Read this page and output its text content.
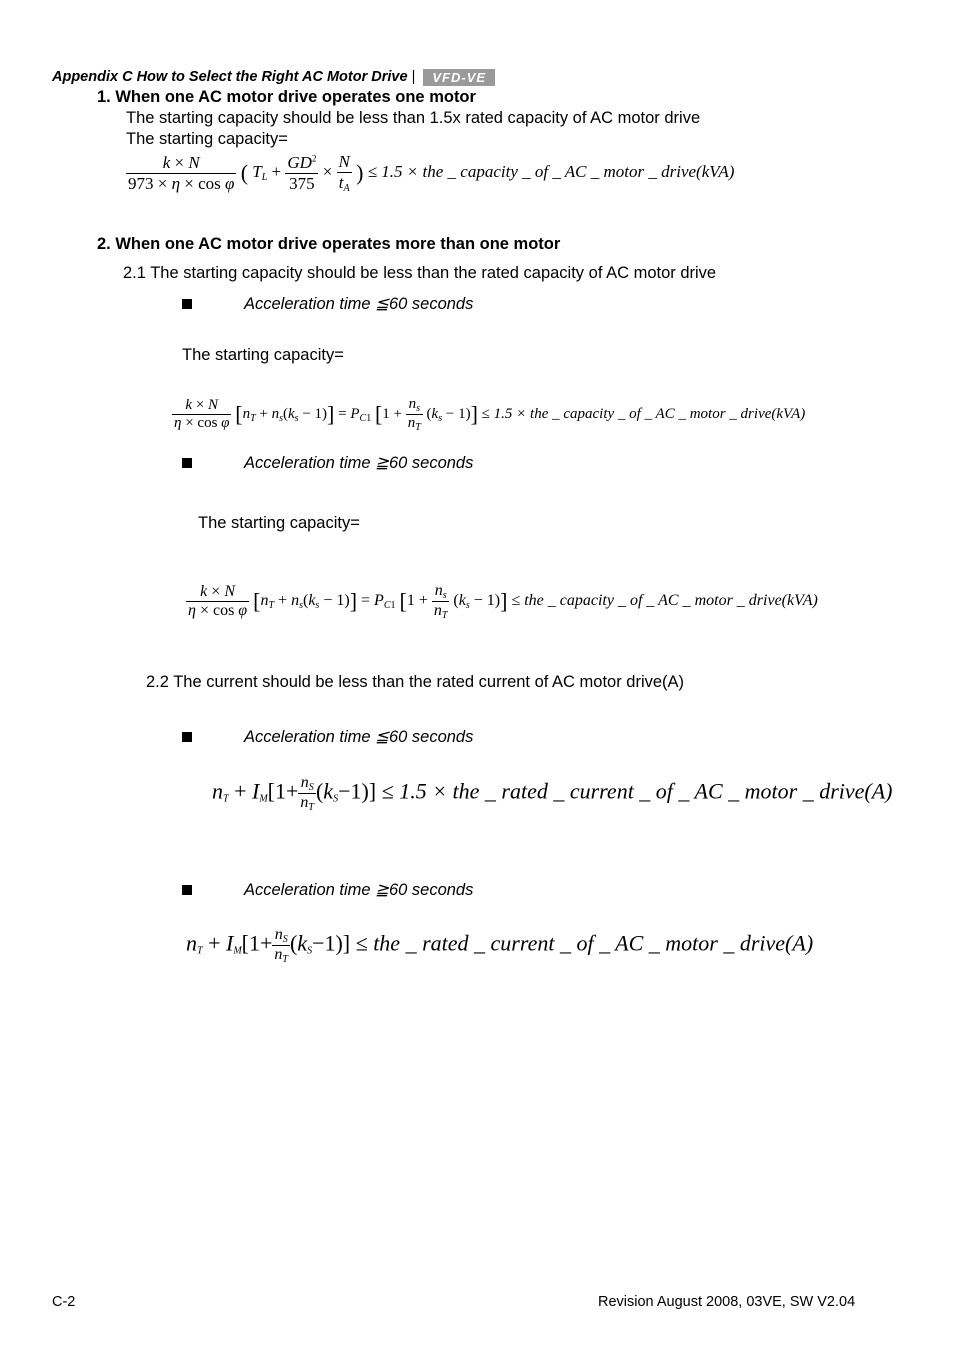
Appendix C How to Select the Right AC Motor Drive | VFD-VE
1. When one AC motor drive operates one motor
The starting capacity should be less than 1.5x rated capacity of AC motor drive
The starting capacity=
$\frac{k \times N}{\text{973 × η × cos φ}}$ ( $T_L + \frac{GD^2}{375} \times \frac{N}{t_A}$ ) ≤ 1.5 × the _ capacity _ of _ AC _ motor _ drive(kVA)
2. When one AC motor drive operates more than one motor
2.1 The starting capacity should be less than the rated capacity of AC motor drive
Acceleration time ≦60 seconds
The starting capacity=
$\frac{k \times N}{\text{η × cos φ}} [n_T + n_s(k_s - 1)] = P_{C1}$ $[1 + \frac{n_s}{n_T} (k_s - 1)] \le 1.5$ × the _ capacity _ of _ AC _ motor _ drive(kVA)
Acceleration time ≧60 seconds
The starting capacity=
$\frac{k \times N}{\text{η × cos φ}} [n_T + n_s(k_s - 1)] = P_{C1}$ $[1 + \frac{n_s}{n_T} (k_s - 1)]$ ≤ the _ capacity _ of _ AC _ motor _ drive(kVA)
2.2 The current should be less than the rated current of AC motor drive(A)
Acceleration time ≦60 seconds
$n_T + I_M[1+ \frac{n_S}{n_T} (k_S-1)] \le 1.5$ × the _ rated _ current _ of _ AC _ motor _ drive(A)
Acceleration time ≧60 seconds
$n_T + I_M[1+ \frac{n_S}{n_T} (k_S-1)]$ ≤ the _ rated _ current _ of _ AC _ motor _ drive(A)
C-2	Revision August 2008, 03VE, SW V2.04
